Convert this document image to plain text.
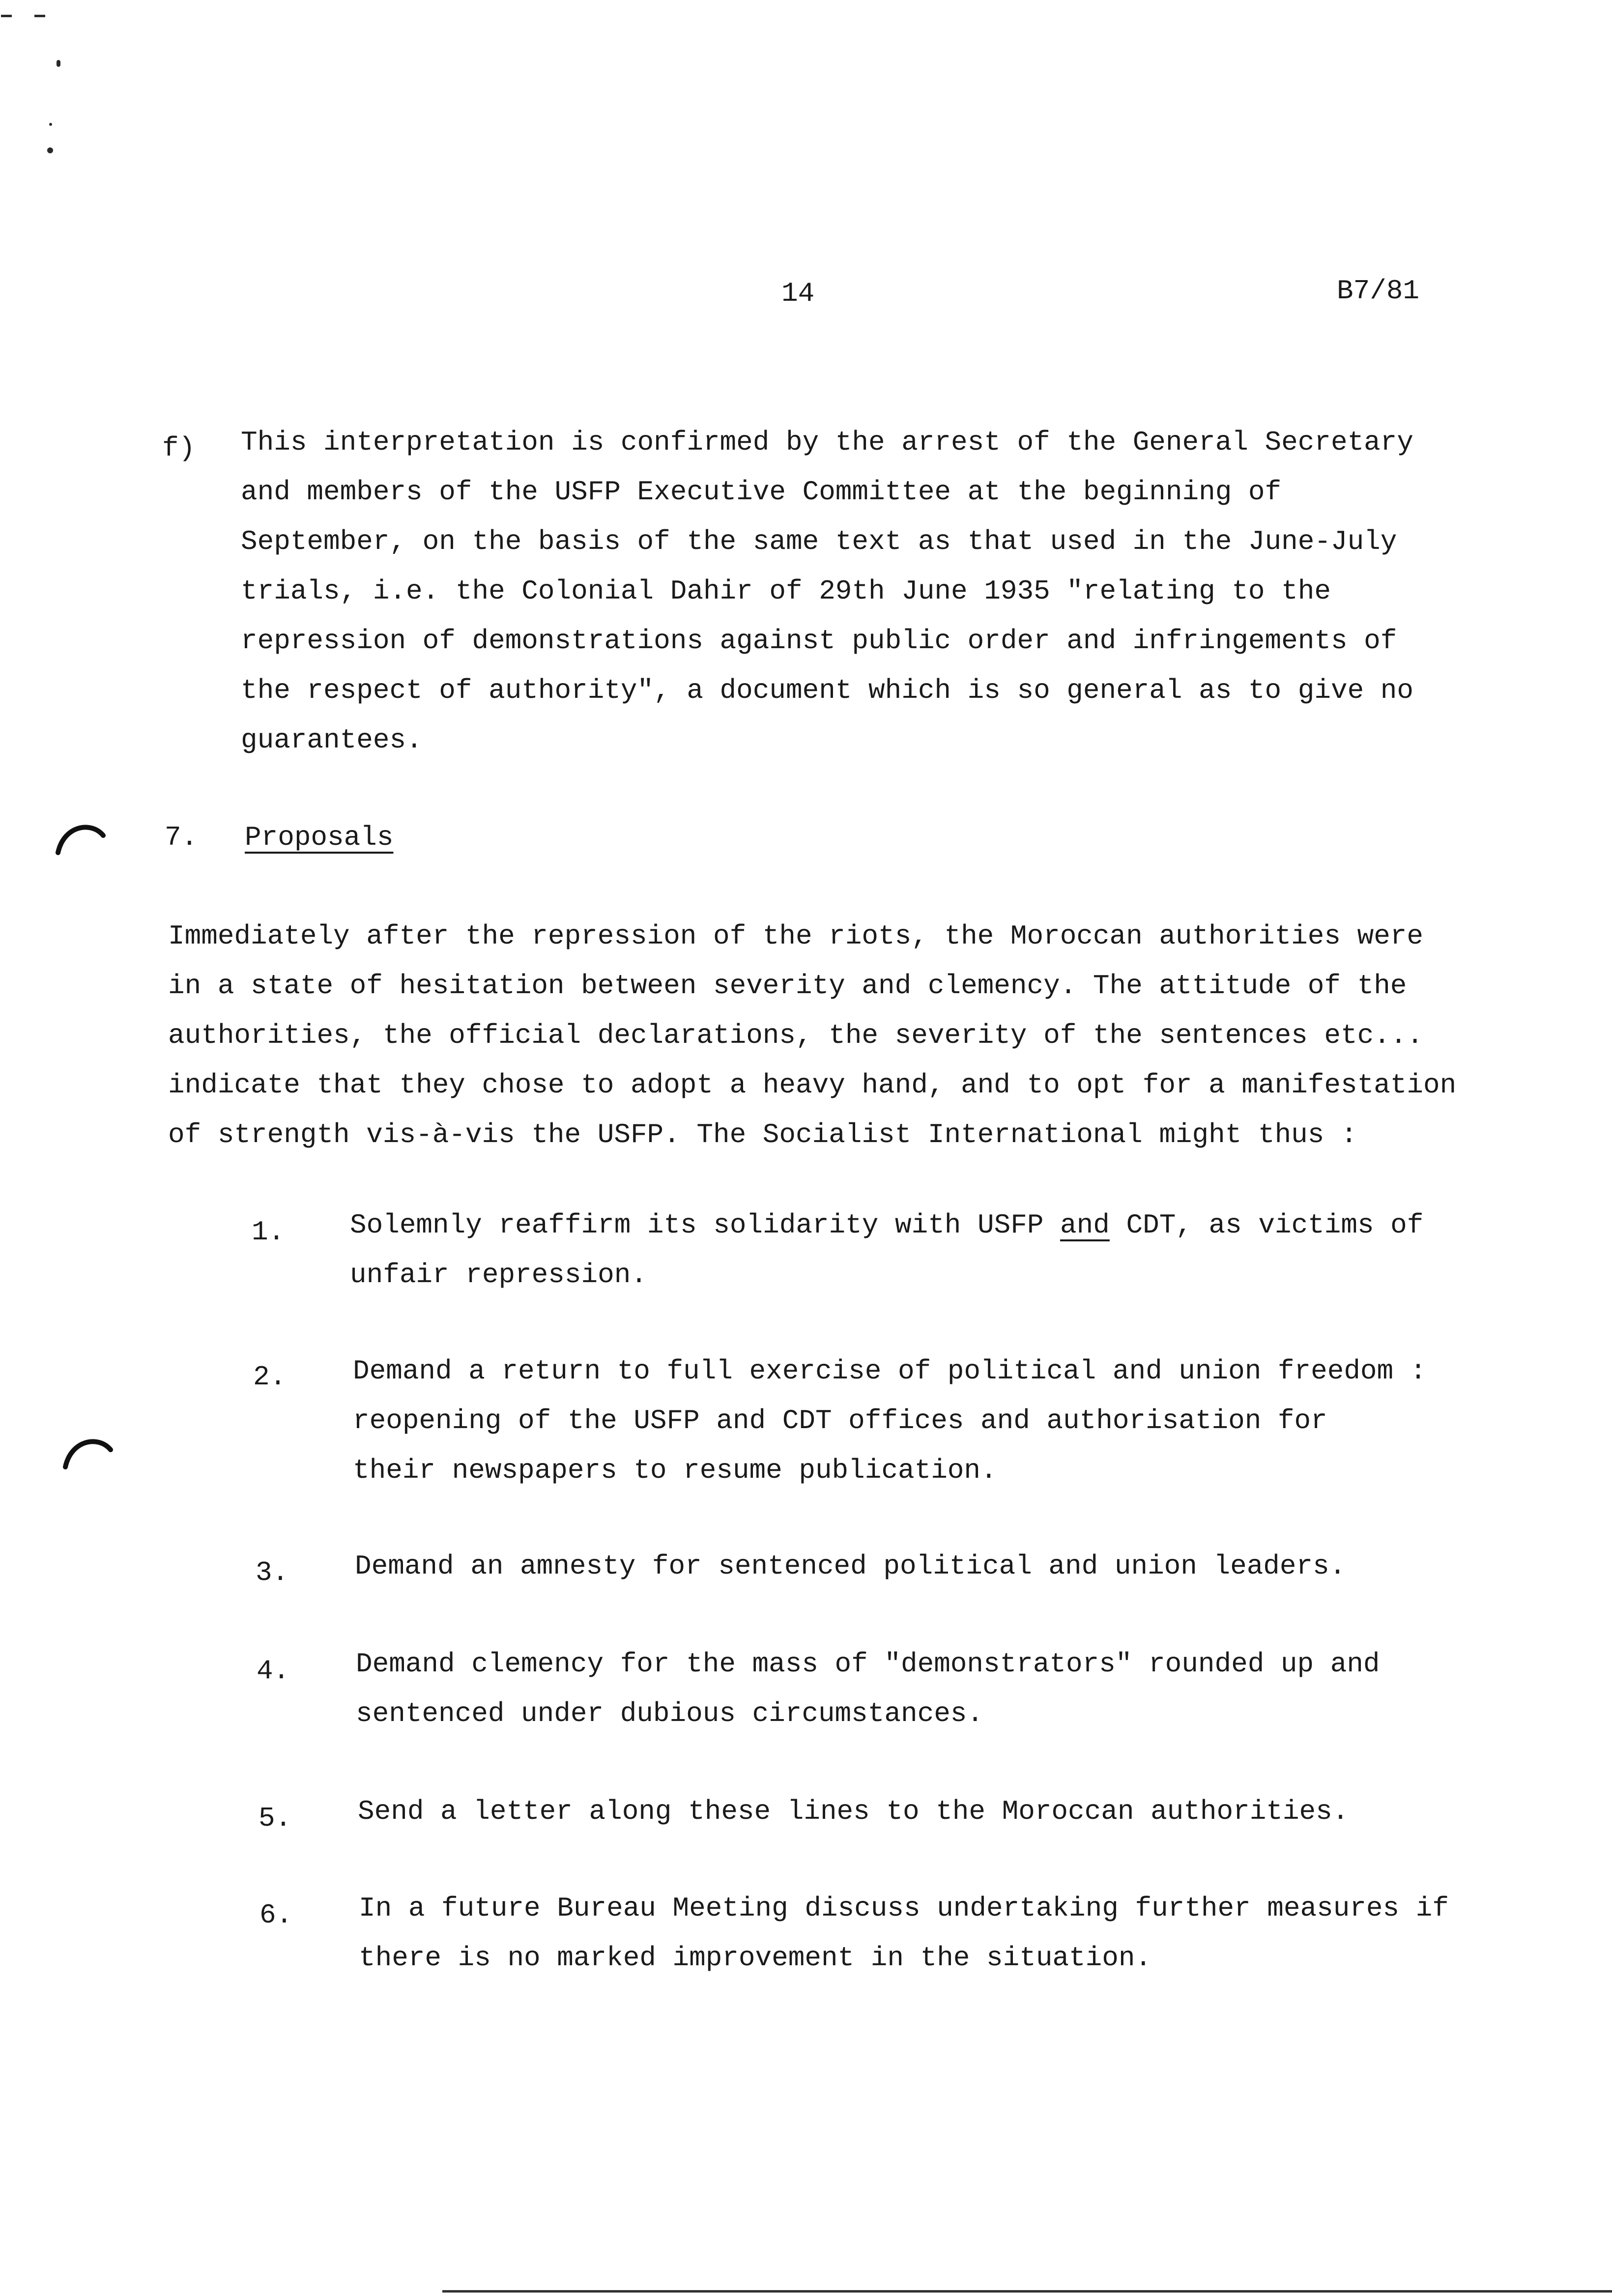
14	B7/81
f) This interpretation is confirmed by the arrest of the General Secretary
and members of the USFP Executive Committee at the beginning of
September, on the basis of the same text as that used in the June-July
trials, i.e. the Colonial Dahir of 29th June 1935 "relating to the
repression of demonstrations against public order and infringements of
the respect of authority", a document which is so general as to give no
guarantees.
7. Proposals
Immediately after the repression of the riots, the Moroccan authorities were
in a state of hesitation between severity and clemency. The attitude of the
authorities, the official declarations, the severity of the sentences etc...
indicate that they chose to adopt a heavy hand, and to opt for a manifestation
of strength vis-à-vis the USFP. The Socialist International might thus :
1. Solemnly reaffirm its solidarity with USFP and CDT, as victims of
unfair repression.
2. Demand a return to full exercise of political and union freedom :
reopening of the USFP and CDT offices and authorisation for
their newspapers to resume publication.
3. Demand an amnesty for sentenced political and union leaders.
4. Demand clemency for the mass of "demonstrators" rounded up and
sentenced under dubious circumstances.
5. Send a letter along these lines to the Moroccan authorities.
6. In a future Bureau Meeting discuss undertaking further measures if
there is no marked improvement in the situation.
